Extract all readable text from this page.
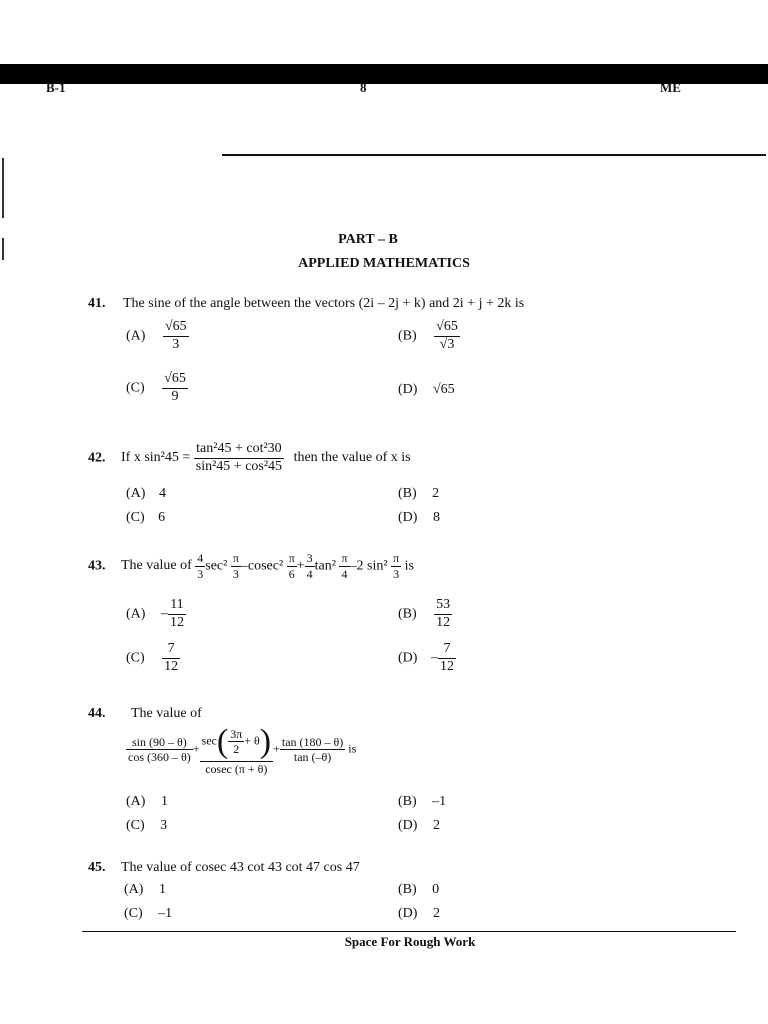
B-1	8	ME
PART – B
APPLIED MATHEMATICS
41. The sine of the angle between the vectors (2i – 2j + k) and 2i + j + 2k is
$(A) \frac{√65}{3}$	$(B) \frac{√65}{√3}$
$(C) \frac{√65}{9}$	(D) √65
42. If x $\sin^245 = \frac{\text{tan²45 + cot²30}}{\text{sin²45 + cos²45}}$ then the value of x is
(A) 4	(B) 2
(C) 6	(D) 8
43. The value of $\frac{4}{3} \sec^2 \frac{\pi}{3} -cosec^2 \frac{\pi}{6} + \frac{3}{4} \tan^2 \frac{\pi}{4} -2$ $\sin^2 \frac{\pi}{3}$ is
$(A) - \frac{11}{12}$	$(B) \frac{53}{12}$
$(C) \frac{7}{12}$	$(D) - \frac{7}{12}$
44. The value of
$\frac{\sin (90 - \theta)}{\cos (360 - \theta)} + \frac{\sec( \frac{3\pi}{2} + \theta)}{cosec (\pi + \theta)} + \frac{\tan (180 - \theta)}{\tan (-\theta)}$ is
(A) 1	(B) –1
(C) 3	(D) 2
45. The value of cosec 43 cot 43 cot 47 cos 47
(A) 1	(B) 0
(C) –1	(D) 2
Space For Rough Work
